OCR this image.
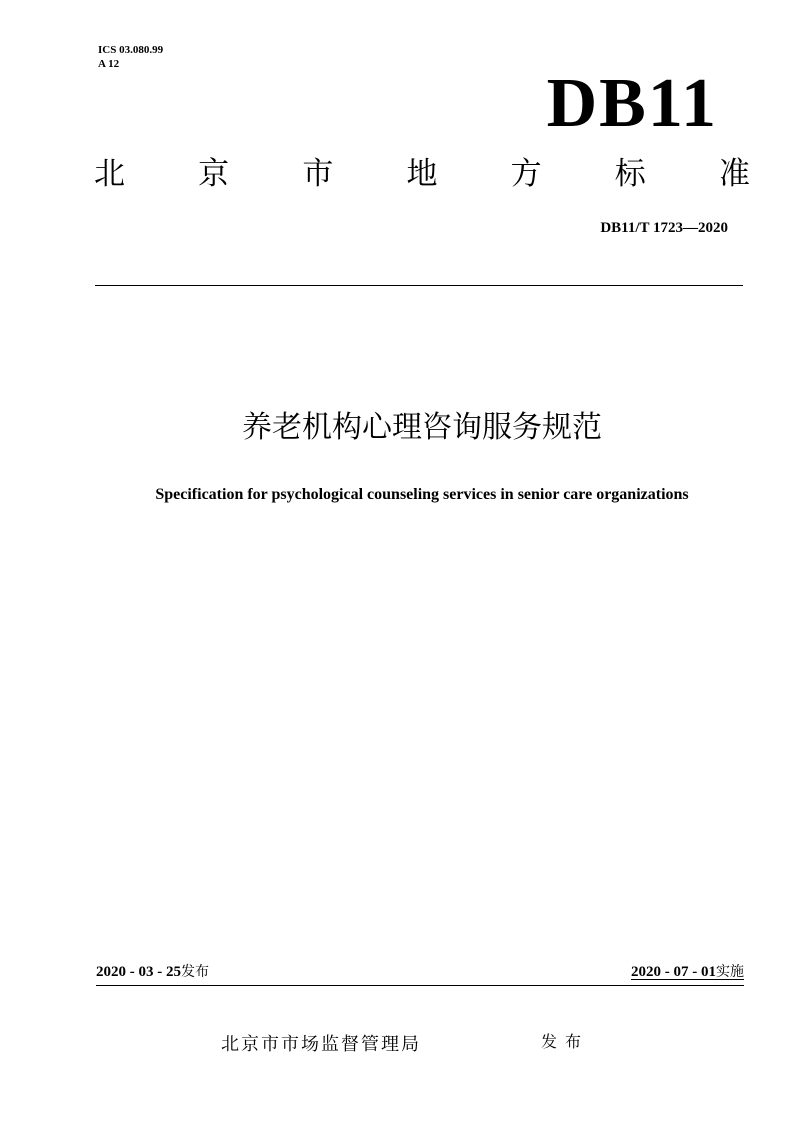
ICS 03.080.99
A 12
DB11
北 京 市 地 方 标 准
DB11/T 1723—2020
养老机构心理咨询服务规范
Specification for psychological counseling services in senior care organizations
2020 - 03 - 25发布	2020 - 07 - 01实施
北京市市场监督管理局	发布
